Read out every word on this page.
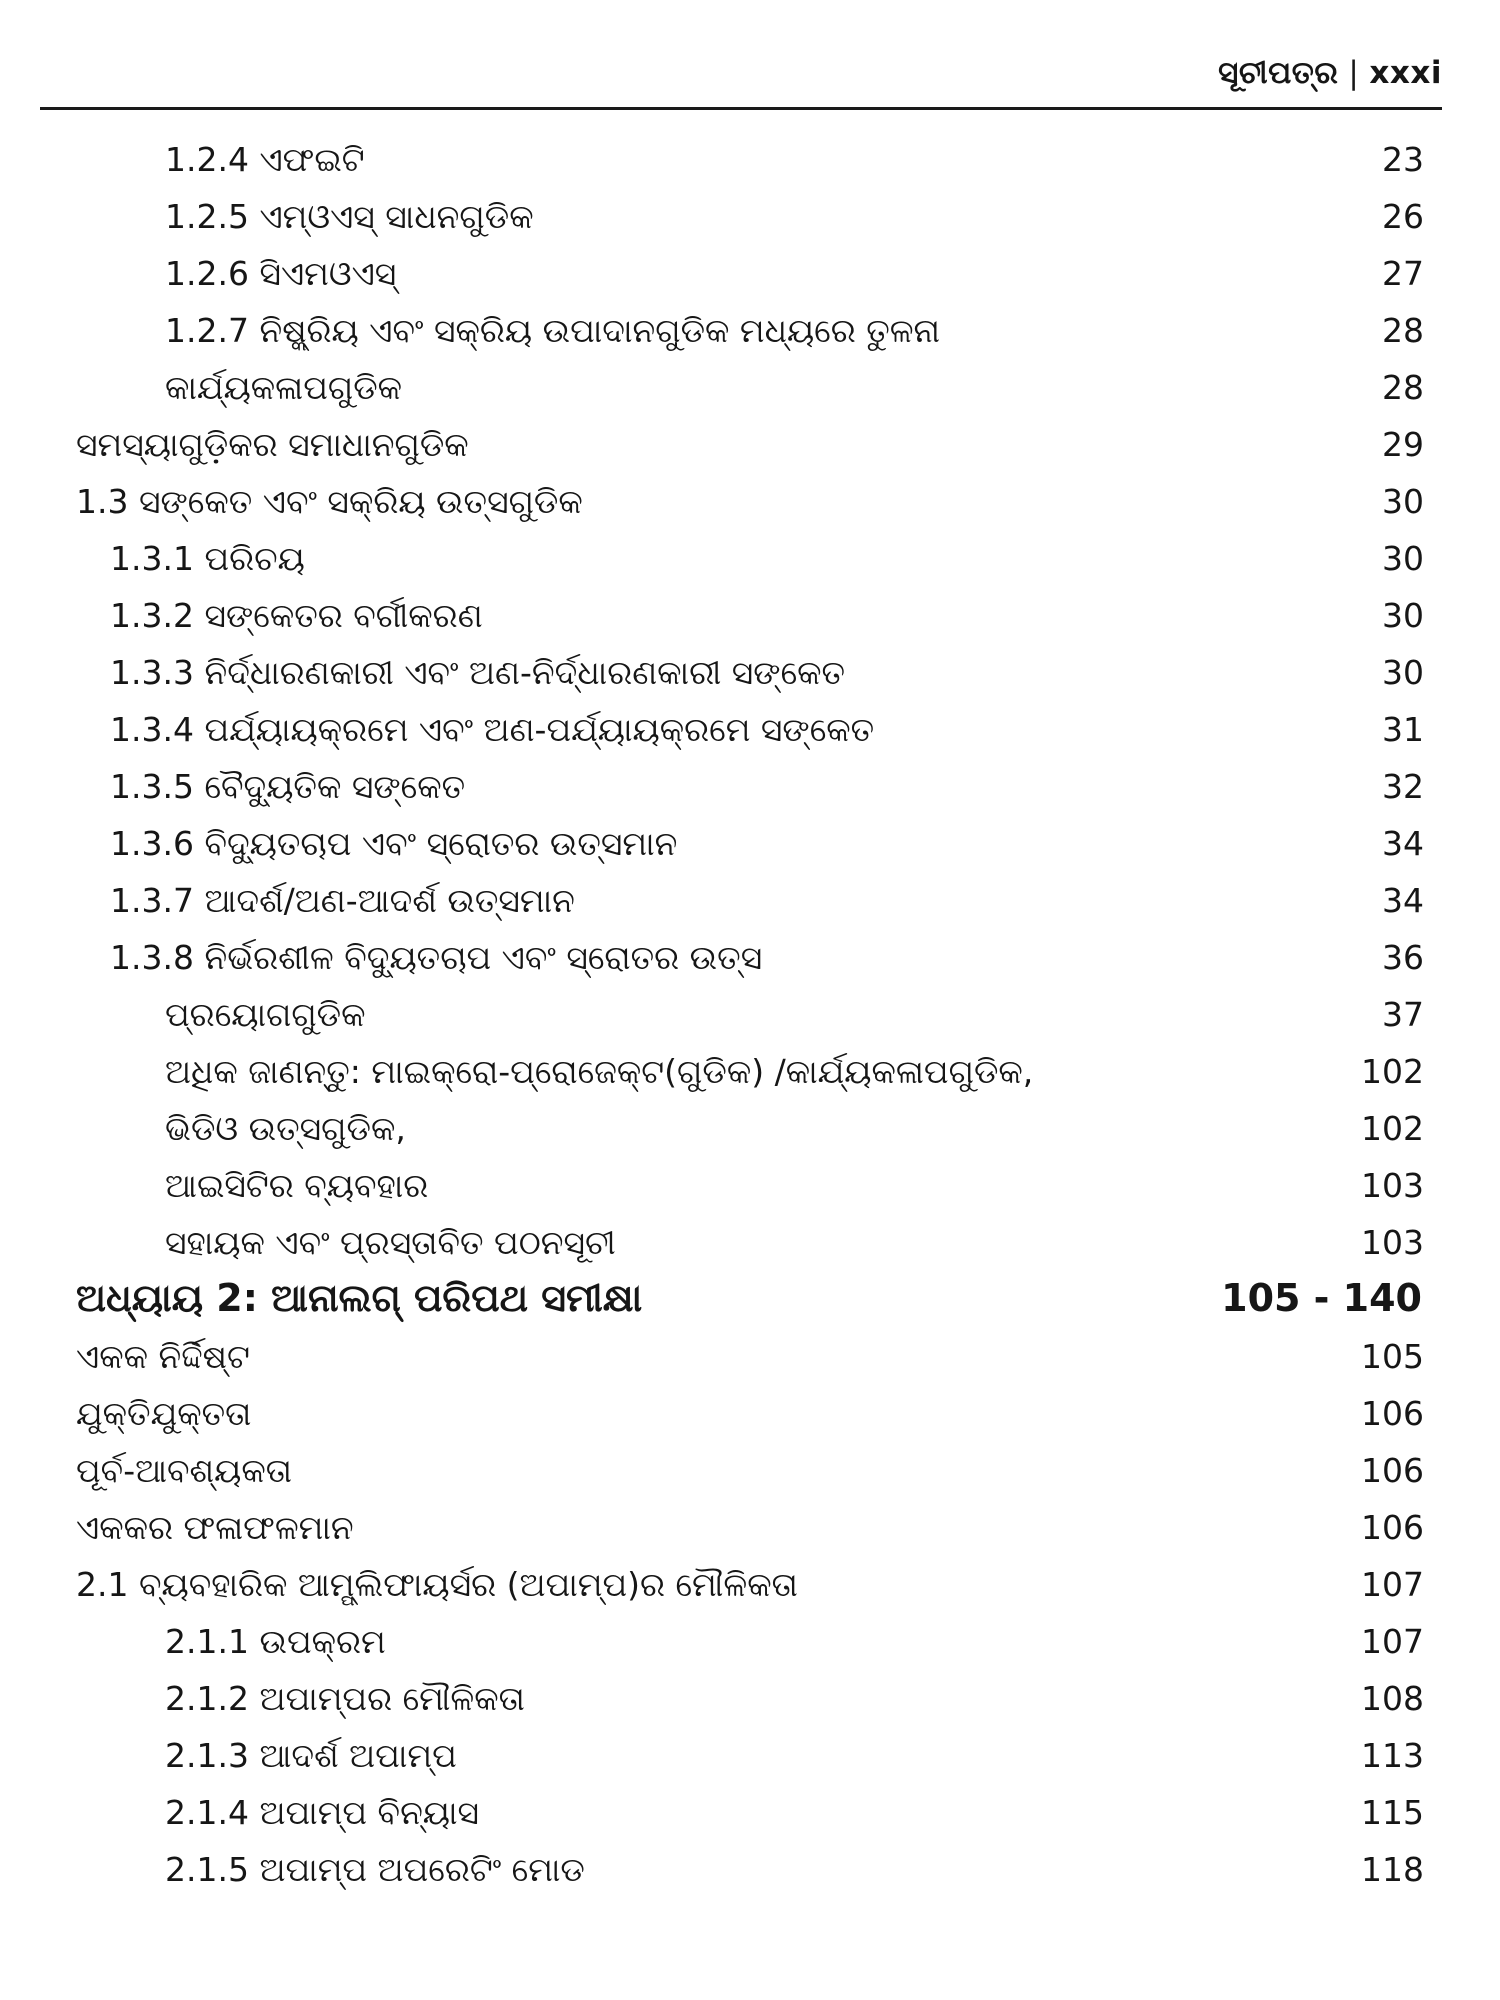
ସୂଚୀପତ୍ର | xxxi
1.2.4 ଏଫଇଟି	23
1.2.5 ଏମ୍‌ଓଏସ୍ ସାଧନଗୁଡିକ	26
1.2.6 ସିଏମଓଏସ୍	27
1.2.7 ନିଷ୍କ୍ରିୟ ଏବଂ ସକ୍ରିୟ ଉପାଦାନଗୁଡିକ ମଧ୍ୟରେ ତୁଳନା	28
କାର୍ଯ୍ୟକଳାପଗୁଡିକ	28
ସମସ୍ୟାଗୁଡ଼ିକର ସମାଧାନଗୁଡିକ	29
1.3 ସଙ୍କେତ ଏବଂ ସକ୍ରିୟ ଉତ୍ସଗୁଡିକ	30
1.3.1 ପରିଚୟ	30
1.3.2 ସଙ୍କେତର ବର୍ଗୀକରଣ	30
1.3.3 ନିର୍ଦ୍ଧାରଣକାରୀ ଏବଂ ଅଣ-ନିର୍ଦ୍ଧାରଣକାରୀ ସଙ୍କେତ	30
1.3.4 ପର୍ଯ୍ୟାୟକ୍ରମେ ଏବଂ ଅଣ-ପର୍ଯ୍ୟାୟକ୍ରମେ ସଙ୍କେତ	31
1.3.5 ବୈଦ୍ୟୁତିକ ସଙ୍କେତ	32
1.3.6 ବିଦ୍ୟୁତଚାପ ଏବଂ ସ୍ରୋତର ଉତ୍ସମାନ	34
1.3.7 ଆଦର୍ଶ/ଅଣ-ଆଦର୍ଶ ଉତ୍ସମାନ	34
1.3.8 ନିର୍ଭରଶୀଳ ବିଦ୍ୟୁତଚାପ ଏବଂ ସ୍ରୋତର ଉତ୍ସ	36
ପ୍ରୟୋଗଗୁଡିକ	37
ଅଧିକ ଜାଣନ୍ତୁ: ମାଇକ୍ରୋ-ପ୍ରୋଜେକ୍ଟ(ଗୁଡିକ) /କାର୍ଯ୍ୟକଳାପଗୁଡିକ,	102
ଭିଡିଓ ଉତ୍ସଗୁଡିକ,	102
ଆଇସିଟିର ବ୍ୟବହାର	103
ସହାୟକ ଏବଂ ପ୍ରସ୍ତାବିତ ପଠନସୂଚୀ	103
ଅଧ୍ୟାୟ 2: ଆନାଲଗ୍ ପରିପଥ ସମୀକ୍ଷା	105 - 140
ଏକକ ନିର୍ଦ୍ଦିଷ୍ଟ	105
ଯୁକ୍ତିଯୁକ୍ତତା	106
ପୂର୍ବ-ଆବଶ୍ୟକତା	106
ଏକକର ଫଳାଫଳମାନ	106
2.1 ବ୍ୟବହାରିକ ଆମ୍ପ୍ଲିଫାୟର୍ସର (ଅପାମ୍ପ)ର ମୌଳିକତା	107
2.1.1 ଉପକ୍ରମ	107
2.1.2 ଅପାମ୍ପର ମୌଳିକତା	108
2.1.3 ଆଦର୍ଶ ଅପାମ୍ପ	113
2.1.4 ଅପାମ୍ପ ବିନ୍ୟାସ	115
2.1.5 ଅପାମ୍ପ ଅପରେଟିଂ ମୋଡ	118
